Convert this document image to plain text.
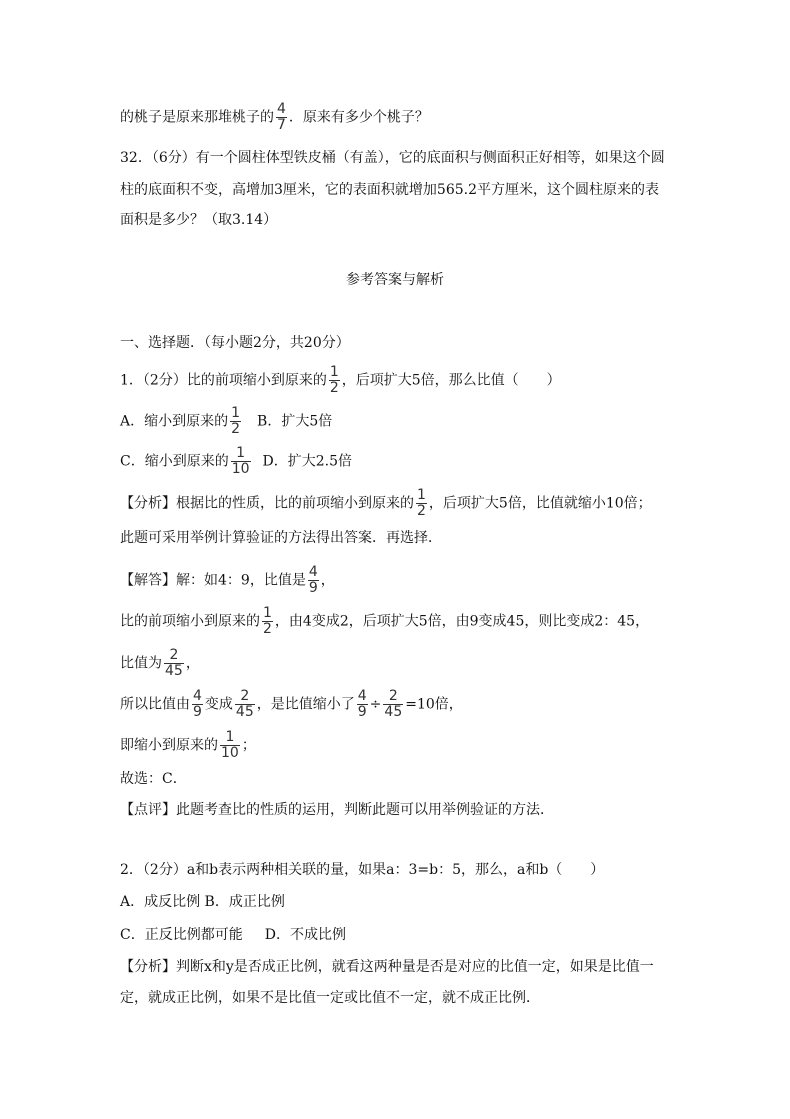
的桃子是原来那堆桃子的 $\frac{4}{7}$ ．原来有多少个桃子？
32．（6分）有一个圆柱体型铁皮桶（有盖），它的底面积与侧面积正好相等，如果这个圆
柱的底面积不变，高增加3厘米，它的表面积就增加565.2平方厘米，这个圆柱原来的表
面积是多少？（取3.14）
参考答案与解析
一、选择题．（每小题2分，共20分）
1．（2分）比的前项缩小到原来的 $\frac{1}{2}$ ，后项扩大5倍，那么比值（　　）
A．缩小到原来的 $\frac{1}{2}$ B．扩大5倍
C．缩小到原来的 $\frac{1}{10}$ D．扩大2.5倍
【分析】根据比的性质，比的前项缩小到原来的 $\frac{1}{2}$ ，后项扩大5倍，比值就缩小10倍；
此题可采用举例计算验证的方法得出答案．再选择．
【解答】解：如4：9，比值是 $\frac{4}{9}$ ，
比的前项缩小到原来的 $\frac{1}{2}$ ，由4变成2，后项扩大5倍，由9变成45，则比变成2：45，
比值为 $\frac{2}{45}$ ，
所以比值由 $\frac{4}{9}$ 变成 $\frac{2}{45}$ ，是比值缩小了 $\frac{4}{9} \div \frac{2}{45} =10$倍，
即缩小到原来的 $\frac{1}{10}$ ；
故选：C．
【点评】此题考查比的性质的运用，判断此题可以用举例验证的方法．
2．（2分）a和b表示两种相关联的量，如果a：3=b：5，那么，a和b（　　）
A．成反比例 B．成正比例
C．正反比例都可能 D．不成比例
【分析】判断x和y是否成正比例，就看这两种量是否是对应的比值一定，如果是比值一
定，就成正比例，如果不是比值一定或比值不一定，就不成正比例．
